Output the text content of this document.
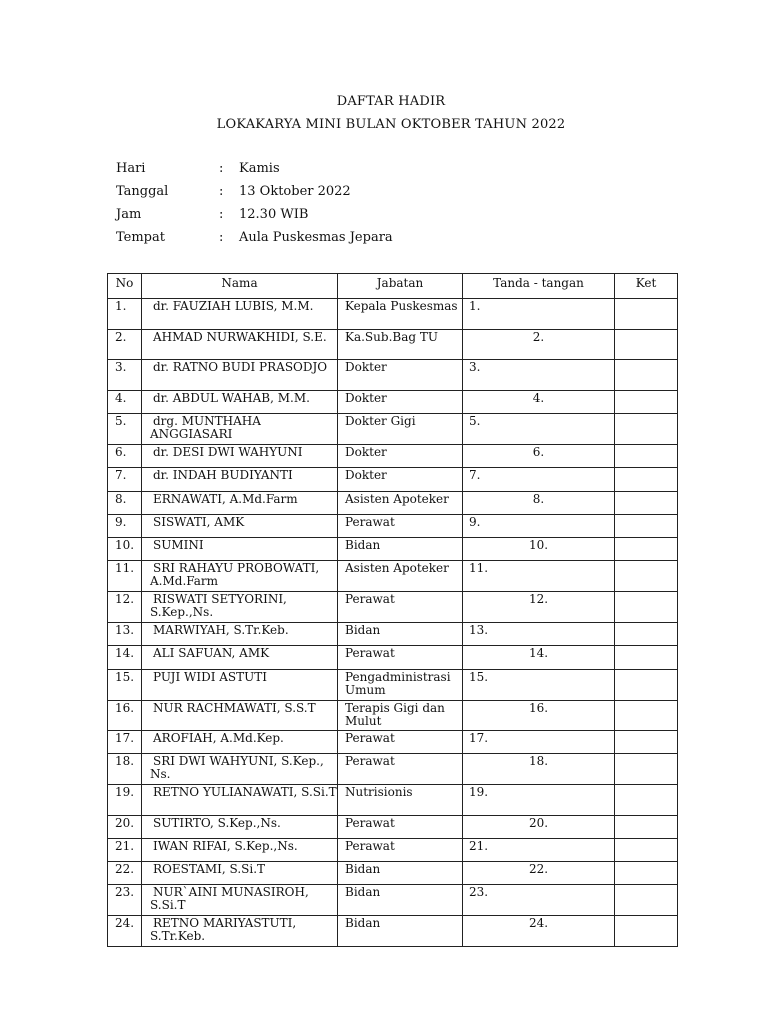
DAFTAR HADIR
LOKAKARYA MINI BULAN OKTOBER TAHUN 2022
Hari	: Kamis
Tanggal	: 13 Oktober 2022
Jam	: 12.30 WIB
Tempat	: Aula Puskesmas Jepara
No	Nama	Jabatan	Tanda - tangan	Ket
1.	dr. FAUZIAH LUBIS, M.M.	Kepala Puskesmas	1.	
2.	AHMAD NURWAKHIDI, S.E.	Ka.Sub.Bag TU	2.	
3.	dr. RATNO BUDI PRASODJO	Dokter	3.	
4.	dr. ABDUL WAHAB, M.M.	Dokter	4.	
5.	drg. MUNTHAHA ANGGIASARI	Dokter Gigi	5.	
6.	dr. DESI DWI WAHYUNI	Dokter	6.	
7.	dr. INDAH BUDIYANTI	Dokter	7.	
8.	ERNAWATI, A.Md.Farm	Asisten Apoteker	8.	
9.	SISWATI, AMK	Perawat	9.	
10.	SUMINI	Bidan	10.	
11.	SRI RAHAYU PROBOWATI, A.Md.Farm	Asisten Apoteker	11.	
12.	RISWATI SETYORINI, S.Kep.,Ns.	Perawat	12.	
13.	MARWIYAH, S.Tr.Keb.	Bidan	13.	
14.	ALI SAFUAN, AMK	Perawat	14.	
15.	PUJI WIDI ASTUTI	Pengadministrasi Umum	15.	
16.	NUR RACHMAWATI, S.S.T	Terapis Gigi dan Mulut	16.	
17.	AROFIAH, A.Md.Kep.	Perawat	17.	
18.	SRI DWI WAHYUNI, S.Kep., Ns.	Perawat	18.	
19.	RETNO YULIANAWATI, S.Si.T	Nutrisionis	19.	
20.	SUTIRTO, S.Kep.,Ns.	Perawat	20.	
21.	IWAN RIFAI, S.Kep.,Ns.	Perawat	21.	
22.	ROESTAMI, S.Si.T	Bidan	22.	
23.	NUR`AINI MUNASIROH, S.Si.T	Bidan	23.	
24.	RETNO MARIYASTUTI, S.Tr.Keb.	Bidan	24.	
